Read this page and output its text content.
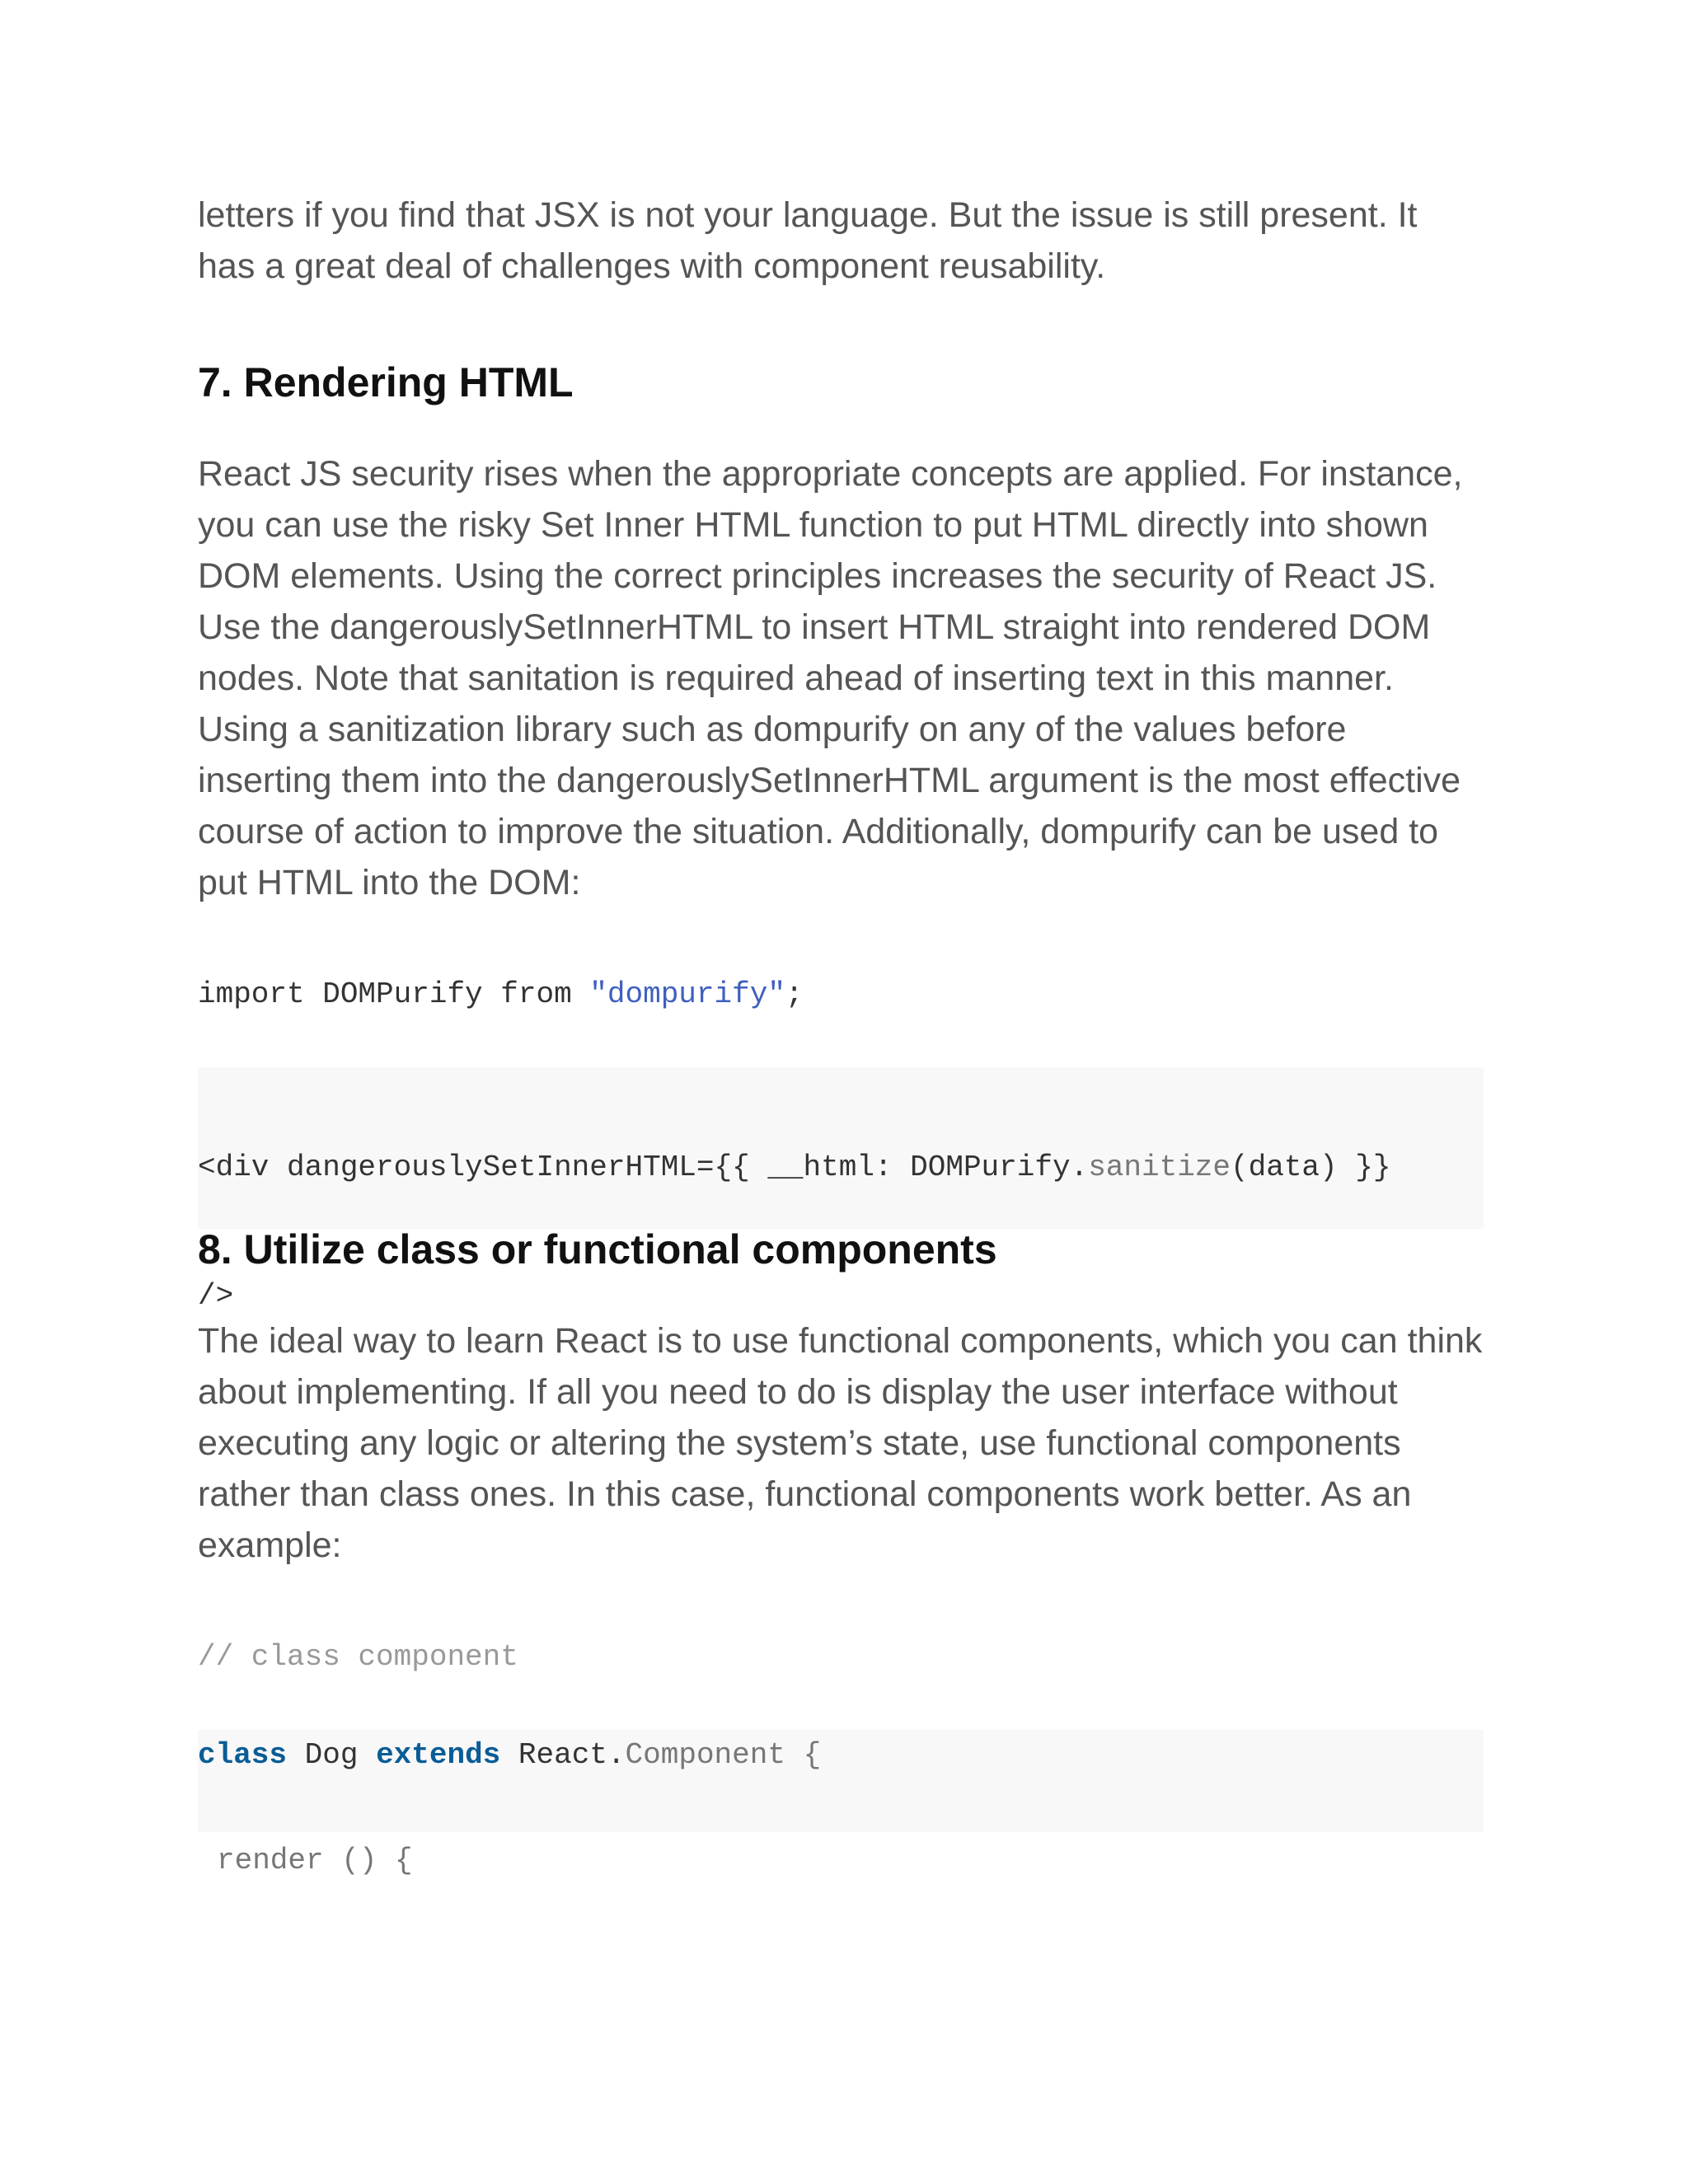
letters if you find that JSX is not your language. But the issue is still present. It has a great deal of challenges with component reusability.

7. Rendering HTML

React JS security rises when the appropriate concepts are applied. For instance, you can use the risky Set Inner HTML function to put HTML directly into shown DOM elements. Using the correct principles increases the security of React JS. Use the dangerouslySetInnerHTML to insert HTML straight into rendered DOM nodes. Note that sanitation is required ahead of inserting text in this manner. Using a sanitization library such as dompurify on any of the values before inserting them into the dangerouslySetInnerHTML argument is the most effective course of action to improve the situation. Additionally, dompurify can be used to put HTML into the DOM:

import DOMPurify from "dompurify";

<div dangerouslySetInnerHTML={{ __html: DOMPurify.sanitize(data) }}

/>

8. Utilize class or functional components

The ideal way to learn React is to use functional components, which you can think about implementing. If all you need to do is display the user interface without executing any logic or altering the system’s state, use functional components rather than class ones. In this case, functional components work better. As an example:

// class component
class Dog extends React.Component {
render () {
